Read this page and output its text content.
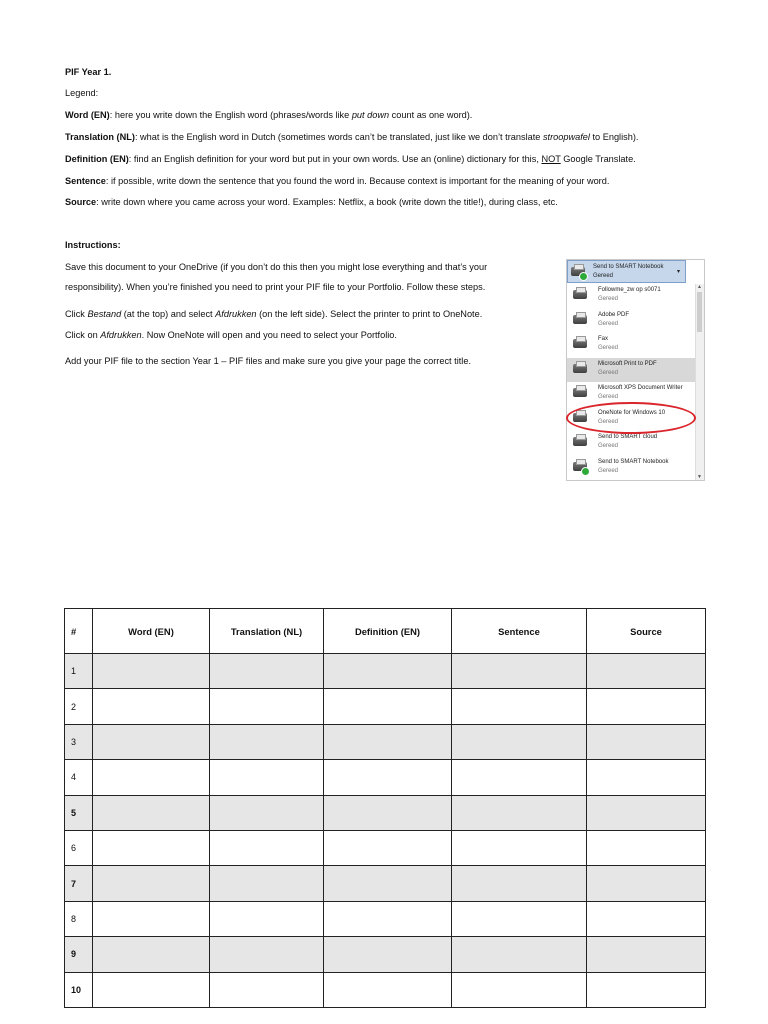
PIF Year 1.

Legend:

Word (EN): here you write down the English word (phrases/words like put down count as one word).

Translation (NL): what is the English word in Dutch (sometimes words can’t be translated, just like we don’t translate stroopwafel to English).

Definition (EN): find an English definition for your word but put in your own words. Use an (online) dictionary for this, NOT Google Translate.

Sentence: if possible, write down the sentence that you found the word in. Because context is important for the meaning of your word.

Source: write down where you came across your word. Examples: Netflix, a book (write down the title!), during class, etc.

Instructions:

Save this document to your OneDrive (if you don’t do this then you might lose everything and that’s your

responsibility). When you’re finished you need to print your PIF file to your Portfolio. Follow these steps.

Click Bestand (at the top) and select Afdrukken (on the left side). Select the printer to print to OneNote.

Click on Afdrukken. Now OneNote will open and you need to select your Portfolio.

Add your PIF file to the section Year 1 – PIF files and make sure you give your page the correct title.

Send to SMART Notebook
Gereed
▾
Followme_zw op s0071
Gereed
Adobe PDF
Gereed
Fax
Gereed
Microsoft Print to PDF
Gereed
Microsoft XPS Document Writer
Gereed
OneNote for Windows 10
Gereed
Send to SMART cloud
Gereed
Send to SMART Notebook
Gereed
▲
▼
#	Word (EN)	Translation (NL)	Definition (EN)	Sentence	Source
1					
2					
3					
4					
5					
6					
7					
8					
9					
10					
